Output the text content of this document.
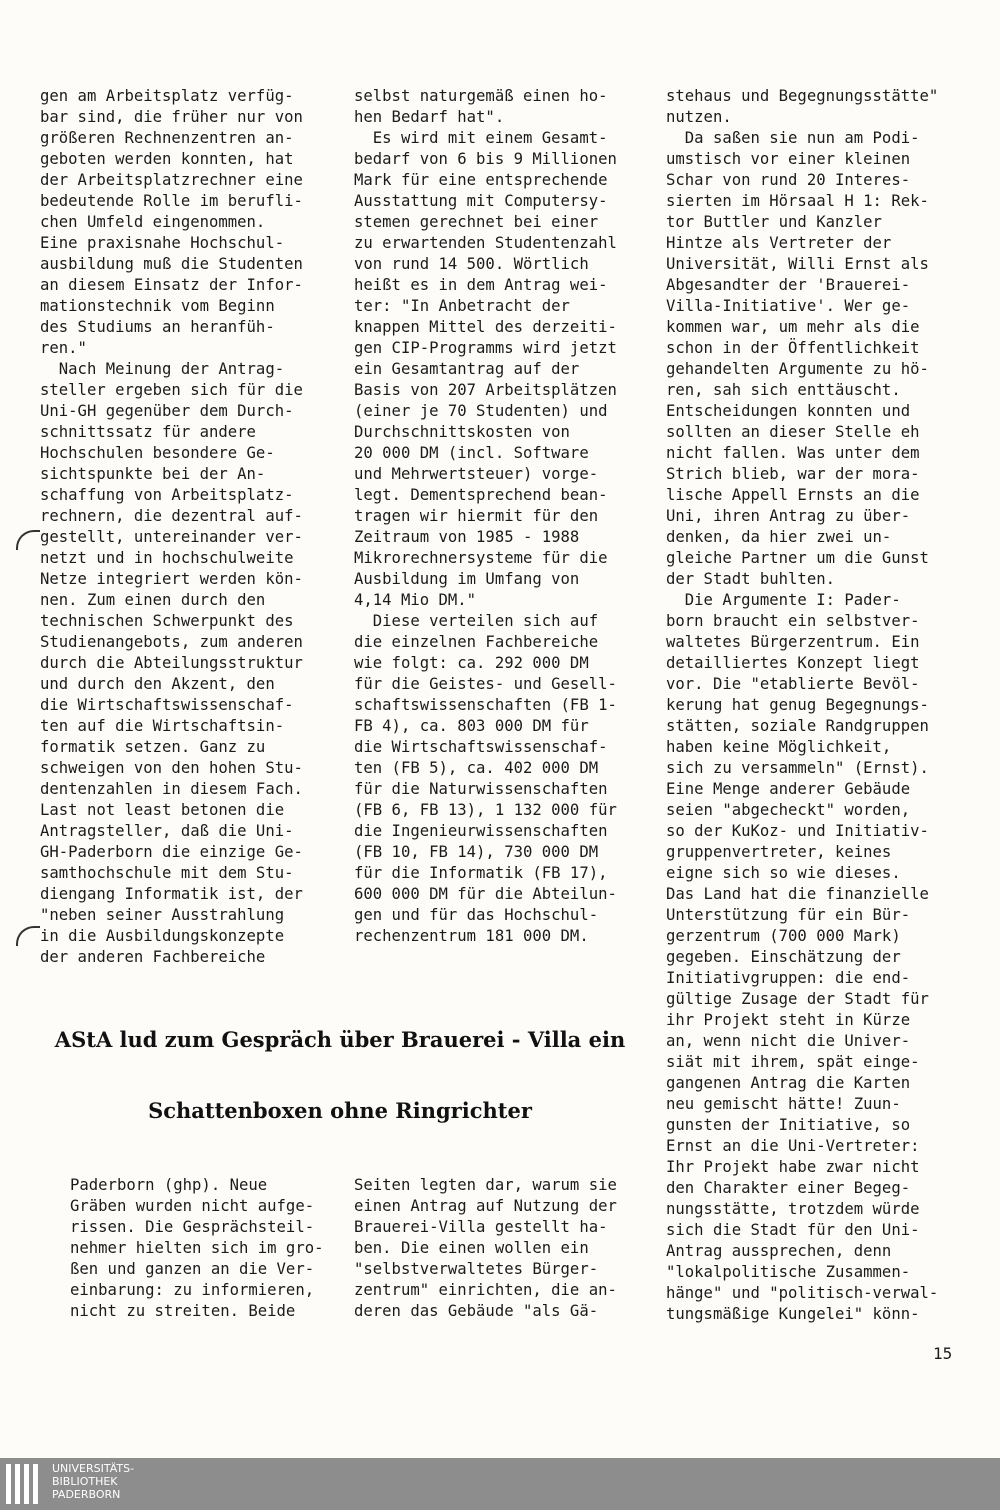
gen am Arbeitsplatz verfüg-
bar sind, die früher nur von
größeren Rechnenzentren an-
geboten werden konnten, hat
der Arbeitsplatzrechner eine
bedeutende Rolle im berufli-
chen Umfeld eingenommen.
Eine praxisnahe Hochschul-
ausbildung muß die Studenten
an diesem Einsatz der Infor-
mationstechnik vom Beginn
des Studiums an heranfüh-
ren."
Nach Meinung der Antrag-
steller ergeben sich für die
Uni-GH gegenüber dem Durch-
schnittssatz für andere
Hochschulen besondere Ge-
sichtspunkte bei der An-
schaffung von Arbeitsplatz-
rechnern, die dezentral auf-
gestellt, untereinander ver-
netzt und in hochschulweite
Netze integriert werden kön-
nen. Zum einen durch den
technischen Schwerpunkt des
Studienangebots, zum anderen
durch die Abteilungsstruktur
und durch den Akzent, den
die Wirtschaftswissenschaf-
ten auf die Wirtschaftsin-
formatik setzen. Ganz zu
schweigen von den hohen Stu-
dentenzahlen in diesem Fach.
Last not least betonen die
Antragsteller, daß die Uni-
GH-Paderborn die einzige Ge-
samthochschule mit dem Stu-
diengang Informatik ist, der
"neben seiner Ausstrahlung
in die Ausbildungskonzepte
der anderen Fachbereiche
selbst naturgemäß einen ho-
hen Bedarf hat".
Es wird mit einem Gesamt-
bedarf von 6 bis 9 Millionen
Mark für eine entsprechende
Ausstattung mit Computersy-
stemen gerechnet bei einer
zu erwartenden Studentenzahl
von rund 14 500. Wörtlich
heißt es in dem Antrag wei-
ter: "In Anbetracht der
knappen Mittel des derzeiti-
gen CIP-Programms wird jetzt
ein Gesamtantrag auf der
Basis von 207 Arbeitsplätzen
(einer je 70 Studenten) und
Durchschnittskosten von
20 000 DM (incl. Software
und Mehrwertsteuer) vorge-
legt. Dementsprechend bean-
tragen wir hiermit für den
Zeitraum von 1985 - 1988
Mikrorechnersysteme für die
Ausbildung im Umfang von
4,14 Mio DM."
Diese verteilen sich auf
die einzelnen Fachbereiche
wie folgt: ca. 292 000 DM
für die Geistes- und Gesell-
schaftswissenschaften (FB 1-
FB 4), ca. 803 000 DM für
die Wirtschaftswissenschaf-
ten (FB 5), ca. 402 000 DM
für die Naturwissenschaften
(FB 6, FB 13), 1 132 000 für
die Ingenieurwissenschaften
(FB 10, FB 14), 730 000 DM
für die Informatik (FB 17),
600 000 DM für die Abteilun-
gen und für das Hochschul-
rechenzentrum 181 000 DM.
stehaus und Begegnungsstätte"
nutzen.
Da saßen sie nun am Podi-
umstisch vor einer kleinen
Schar von rund 20 Interes-
sierten im Hörsaal H 1: Rek-
tor Buttler und Kanzler
Hintze als Vertreter der
Universität, Willi Ernst als
Abgesandter der 'Brauerei-
Villa-Initiative'. Wer ge-
kommen war, um mehr als die
schon in der Öffentlichkeit
gehandelten Argumente zu hö-
ren, sah sich enttäuscht.
Entscheidungen konnten und
sollten an dieser Stelle eh
nicht fallen. Was unter dem
Strich blieb, war der mora-
lische Appell Ernsts an die
Uni, ihren Antrag zu über-
denken, da hier zwei un-
gleiche Partner um die Gunst
der Stadt buhlten.
Die Argumente I: Pader-
born braucht ein selbstver-
waltetes Bürgerzentrum. Ein
detailliertes Konzept liegt
vor. Die "etablierte Bevöl-
kerung hat genug Begegnungs-
stätten, soziale Randgruppen
haben keine Möglichkeit,
sich zu versammeln" (Ernst).
Eine Menge anderer Gebäude
seien "abgecheckt" worden,
so der KuKoz- und Initiativ-
gruppenvertreter, keines
eigne sich so wie dieses.
Das Land hat die finanzielle
Unterstützung für ein Bür-
gerzentrum (700 000 Mark)
gegeben. Einschätzung der
Initiativgruppen: die end-
gültige Zusage der Stadt für
ihr Projekt steht in Kürze
an, wenn nicht die Univer-
siät mit ihrem, spät einge-
gangenen Antrag die Karten
neu gemischt hätte! Zuun-
gunsten der Initiative, so
Ernst an die Uni-Vertreter:
Ihr Projekt habe zwar nicht
den Charakter einer Begeg-
nungsstätte, trotzdem würde
sich die Stadt für den Uni-
Antrag aussprechen, denn
"lokalpolitische Zusammen-
hänge" und "politisch-verwal-
tungsmäßige Kungelei" könn-
AStA lud zum Gespräch über Brauerei - Villa ein
Schattenboxen ohne Ringrichter
Paderborn (ghp). Neue
Gräben wurden nicht aufge-
rissen. Die Gesprächsteil-
nehmer hielten sich im gro-
ßen und ganzen an die Ver-
einbarung: zu informieren,
nicht zu streiten. Beide
Seiten legten dar, warum sie
einen Antrag auf Nutzung der
Brauerei-Villa gestellt ha-
ben. Die einen wollen ein
"selbstverwaltetes Bürger-
zentrum" einrichten, die an-
deren das Gebäude "als Gä-
15
UNIVERSITÄTS-
BIBLIOTHEK
PADERBORN
